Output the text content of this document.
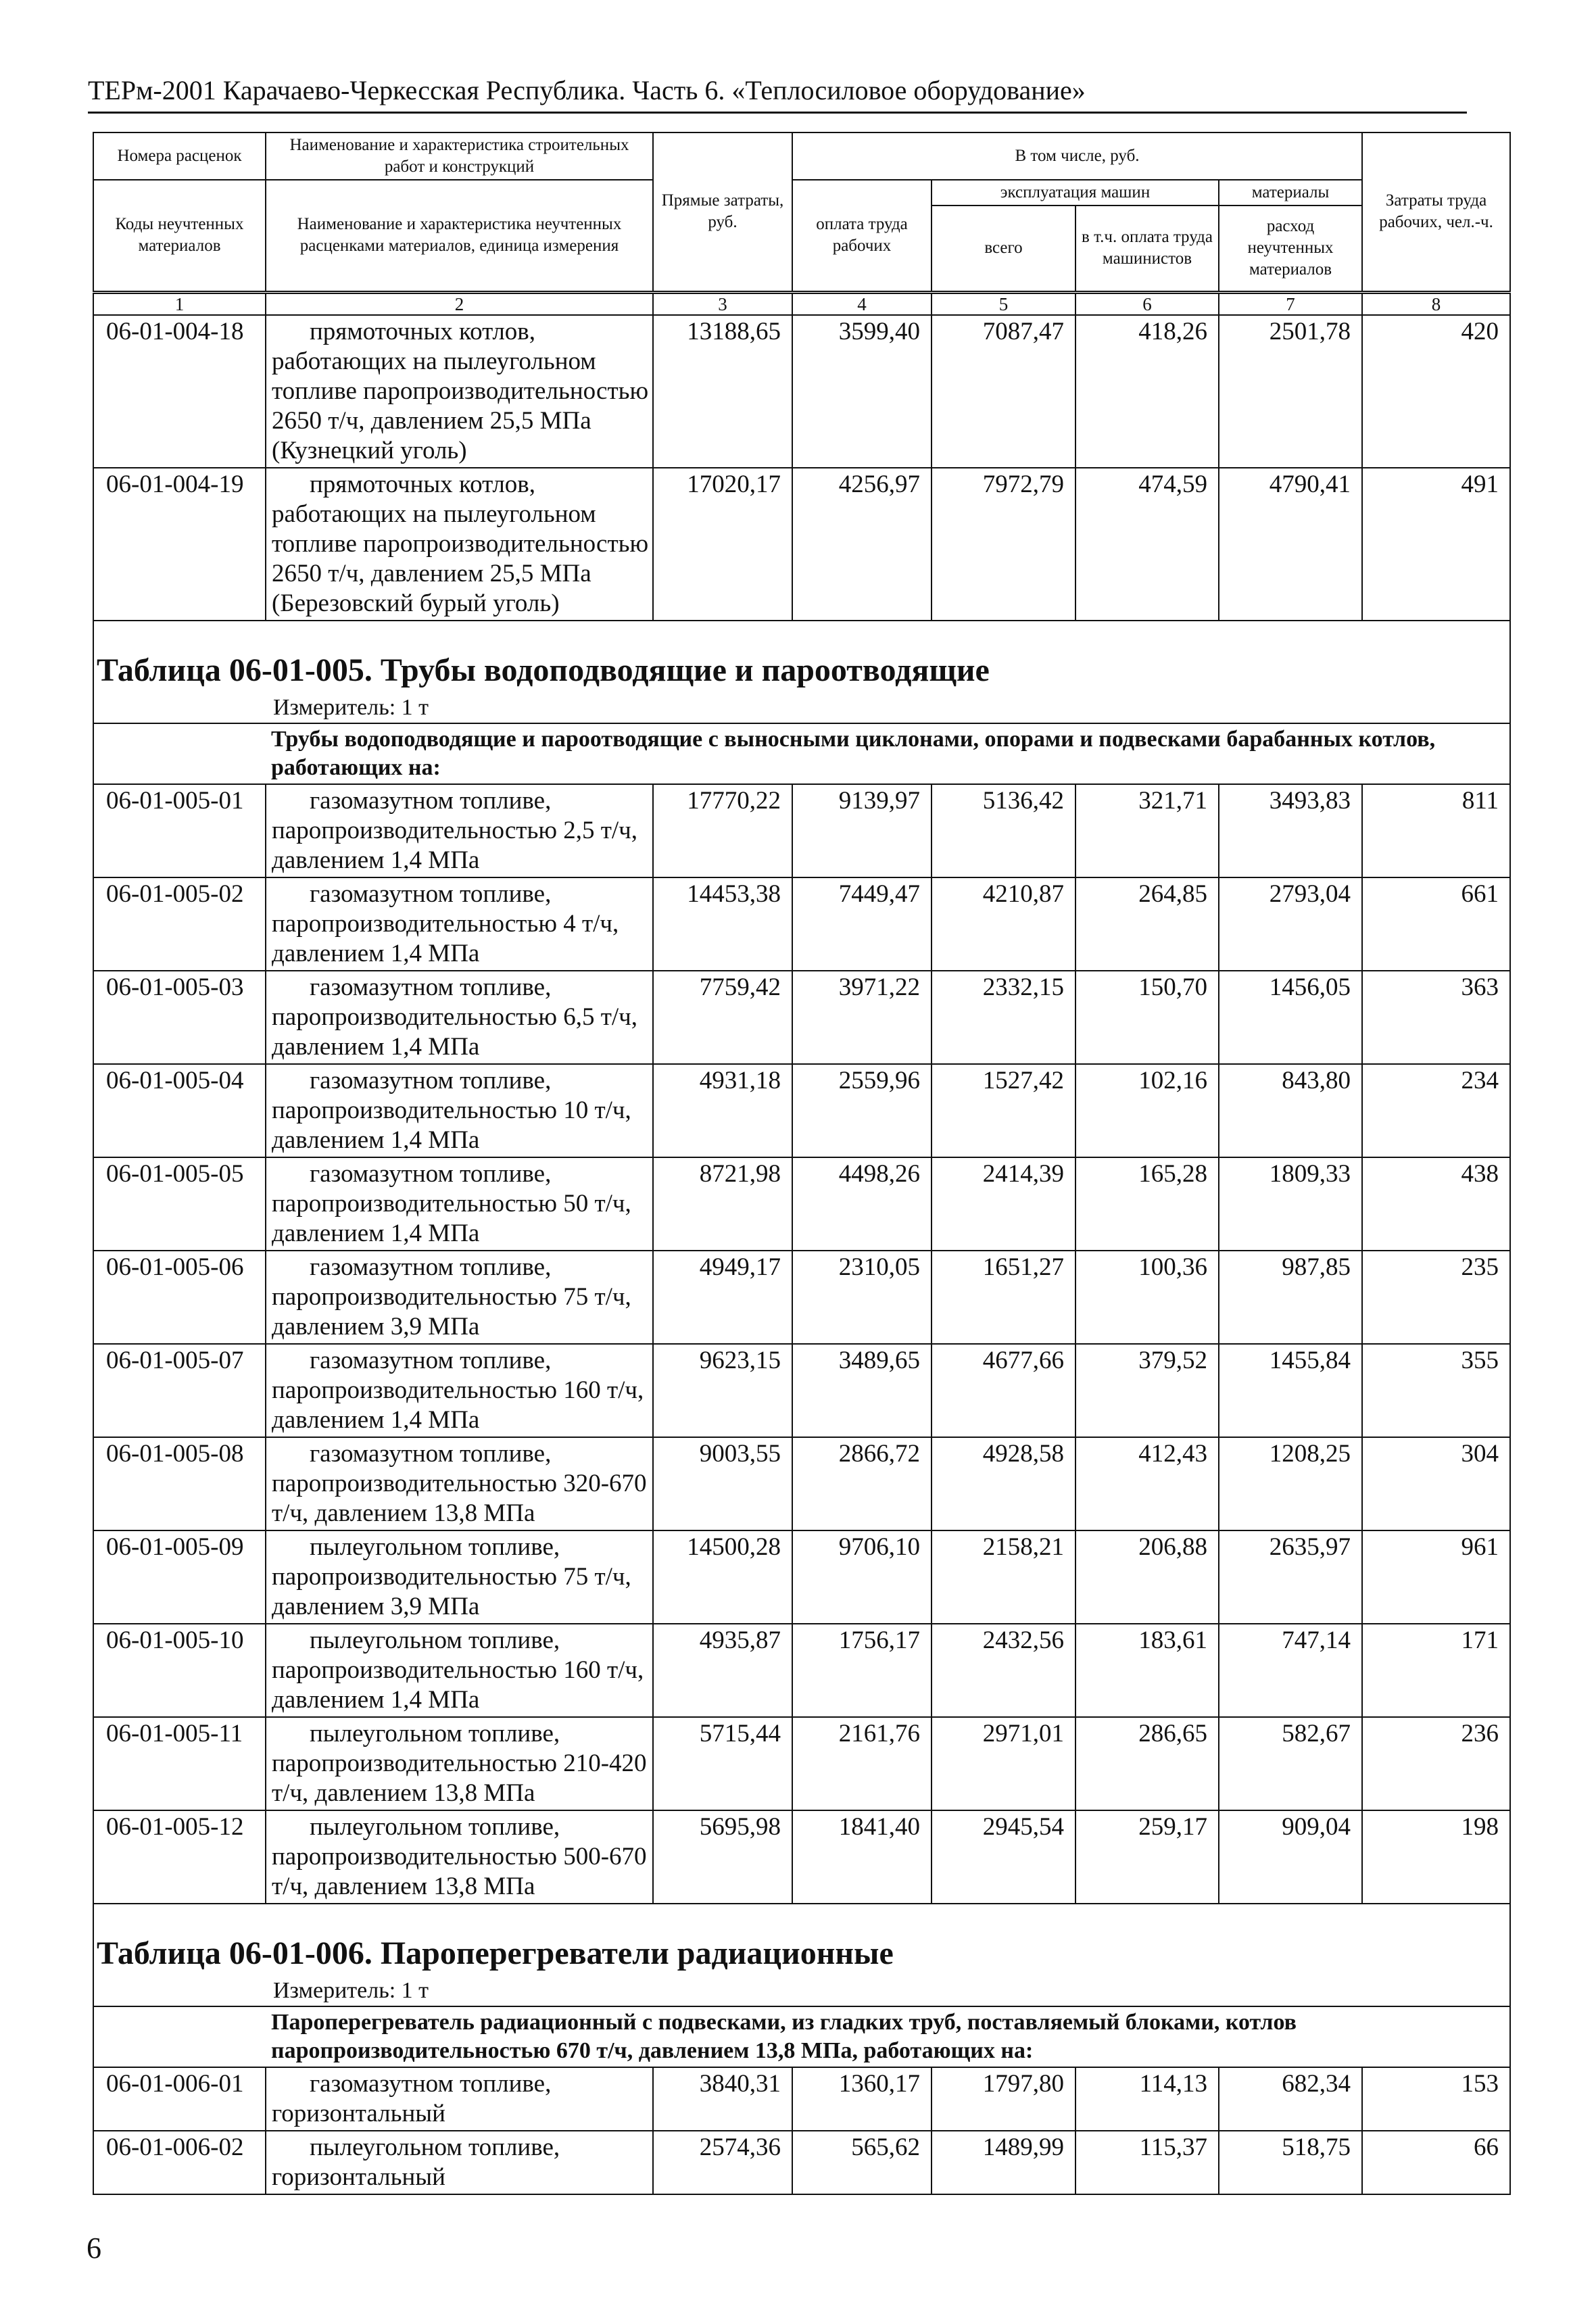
ТЕРм-2001 Карачаево-Черкесская Республика. Часть 6. «Теплосиловое оборудование»
Номера расценок	Наименование и характеристика строительных работ и конструкций	Прямые затраты, руб.	В том числе, руб.				Затраты труда рабочих, чел.-ч.
Коды неучтенных материалов	Наименование и характеристика неучтенных расценками материалов, единица измерения		оплата труда рабочих	эксплуатация машин		материалы	
				всего	в т.ч. оплата труда машинистов	расход неучтенных материалов	
1	2	3	4	5	6	7	8
06-01-004-18	прямоточных котлов, работающих на пылеугольном топливе паропроизводительностью 2650 т/ч, давлением 25,5 МПа (Кузнецкий уголь)	13188,65	3599,40	7087,47	418,26	2501,78	420
06-01-004-19	прямоточных котлов, работающих на пылеугольном топливе паропроизводительностью 2650 т/ч, давлением 25,5 МПа (Березовский бурый уголь)	17020,17	4256,97	7972,79	474,59	4790,41	491
Таблица 06-01-005. Трубы водоподводящие и пароотводящие							
Измеритель: 1 т							
Трубы водоподводящие и пароотводящие с выносными циклонами, опорами и подвесками барабанных котлов, работающих на:							
06-01-005-01	газомазутном топливе, паропроизводительностью 2,5 т/ч, давлением 1,4 МПа	17770,22	9139,97	5136,42	321,71	3493,83	811
06-01-005-02	газомазутном топливе, паропроизводительностью 4 т/ч, давлением 1,4 МПа	14453,38	7449,47	4210,87	264,85	2793,04	661
06-01-005-03	газомазутном топливе, паропроизводительностью 6,5 т/ч, давлением 1,4 МПа	7759,42	3971,22	2332,15	150,70	1456,05	363
06-01-005-04	газомазутном топливе, паропроизводительностью 10 т/ч, давлением 1,4 МПа	4931,18	2559,96	1527,42	102,16	843,80	234
06-01-005-05	газомазутном топливе, паропроизводительностью 50 т/ч, давлением 1,4 МПа	8721,98	4498,26	2414,39	165,28	1809,33	438
06-01-005-06	газомазутном топливе, паропроизводительностью 75 т/ч, давлением 3,9 МПа	4949,17	2310,05	1651,27	100,36	987,85	235
06-01-005-07	газомазутном топливе, паропроизводительностью 160 т/ч, давлением 1,4 МПа	9623,15	3489,65	4677,66	379,52	1455,84	355
06-01-005-08	газомазутном топливе, паропроизводительностью 320-670 т/ч, давлением 13,8 МПа	9003,55	2866,72	4928,58	412,43	1208,25	304
06-01-005-09	пылеугольном топливе, паропроизводительностью 75 т/ч, давлением 3,9 МПа	14500,28	9706,10	2158,21	206,88	2635,97	961
06-01-005-10	пылеугольном топливе, паропроизводительностью 160 т/ч, давлением 1,4 МПа	4935,87	1756,17	2432,56	183,61	747,14	171
06-01-005-11	пылеугольном топливе, паропроизводительностью 210-420 т/ч, давлением 13,8 МПа	5715,44	2161,76	2971,01	286,65	582,67	236
06-01-005-12	пылеугольном топливе, паропроизводительностью 500-670 т/ч, давлением 13,8 МПа	5695,98	1841,40	2945,54	259,17	909,04	198
Таблица 06-01-006. Пароперегреватели радиационные							
Измеритель: 1 т							
Пароперегреватель радиационный с подвесками, из гладких труб, поставляемый блоками, котлов паропроизводительностью 670 т/ч, давлением 13,8 МПа, работающих на:							
06-01-006-01	газомазутном топливе, горизонтальный	3840,31	1360,17	1797,80	114,13	682,34	153
06-01-006-02	пылеугольном топливе, горизонтальный	2574,36	565,62	1489,99	115,37	518,75	66
6
